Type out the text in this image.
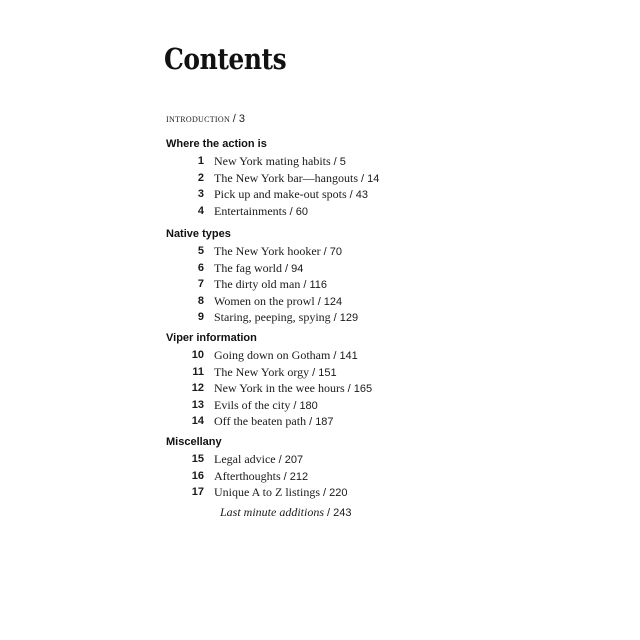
Contents
introduction / 3
Where the action is
1 New York mating habits / 5
2 The New York bar—hangouts / 14
3 Pick up and make-out spots / 43
4 Entertainments / 60
Native types
5 The New York hooker / 70
6 The fag world / 94
7 The dirty old man / 116
8 Women on the prowl / 124
9 Staring, peeping, spying / 129
Viper information
10 Going down on Gotham / 141
11 The New York orgy / 151
12 New York in the wee hours / 165
13 Evils of the city / 180
14 Off the beaten path / 187
Miscellany
15 Legal advice / 207
16 Afterthoughts / 212
17 Unique A to Z listings / 220
Last minute additions / 243
